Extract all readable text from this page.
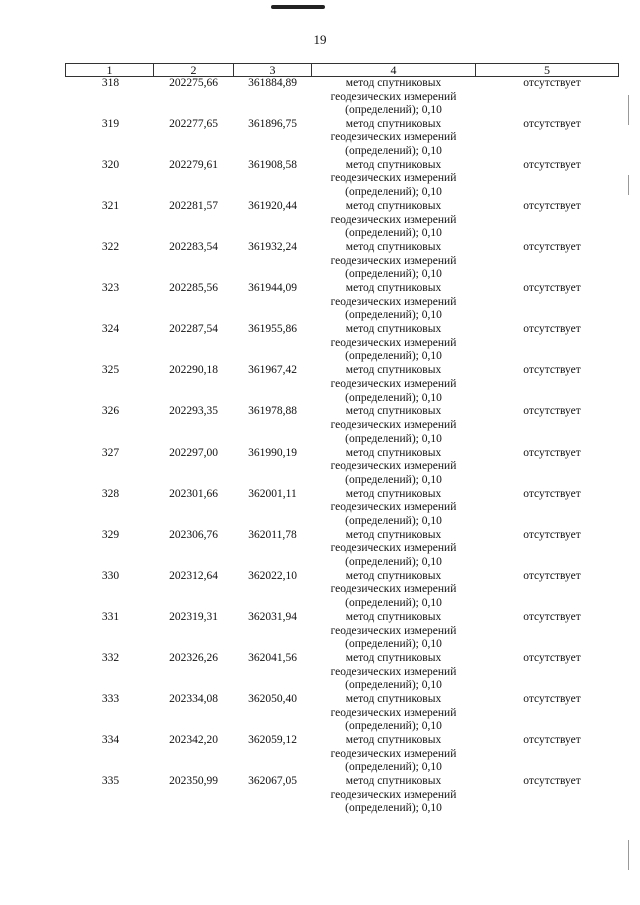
19
1	2	3	4	5
318	202275,66	361884,89	метод спутниковых
геодезических измерений
(определений); 0,10	отсутствует
319	202277,65	361896,75	метод спутниковых
геодезических измерений
(определений); 0,10	отсутствует
320	202279,61	361908,58	метод спутниковых
геодезических измерений
(определений); 0,10	отсутствует
321	202281,57	361920,44	метод спутниковых
геодезических измерений
(определений); 0,10	отсутствует
322	202283,54	361932,24	метод спутниковых
геодезических измерений
(определений); 0,10	отсутствует
323	202285,56	361944,09	метод спутниковых
геодезических измерений
(определений); 0,10	отсутствует
324	202287,54	361955,86	метод спутниковых
геодезических измерений
(определений); 0,10	отсутствует
325	202290,18	361967,42	метод спутниковых
геодезических измерений
(определений); 0,10	отсутствует
326	202293,35	361978,88	метод спутниковых
геодезических измерений
(определений); 0,10	отсутствует
327	202297,00	361990,19	метод спутниковых
геодезических измерений
(определений); 0,10	отсутствует
328	202301,66	362001,11	метод спутниковых
геодезических измерений
(определений); 0,10	отсутствует
329	202306,76	362011,78	метод спутниковых
геодезических измерений
(определений); 0,10	отсутствует
330	202312,64	362022,10	метод спутниковых
геодезических измерений
(определений); 0,10	отсутствует
331	202319,31	362031,94	метод спутниковых
геодезических измерений
(определений); 0,10	отсутствует
332	202326,26	362041,56	метод спутниковых
геодезических измерений
(определений); 0,10	отсутствует
333	202334,08	362050,40	метод спутниковых
геодезических измерений
(определений); 0,10	отсутствует
334	202342,20	362059,12	метод спутниковых
геодезических измерений
(определений); 0,10	отсутствует
335	202350,99	362067,05	метод спутниковых
геодезических измерений
(определений); 0,10	отсутствует
